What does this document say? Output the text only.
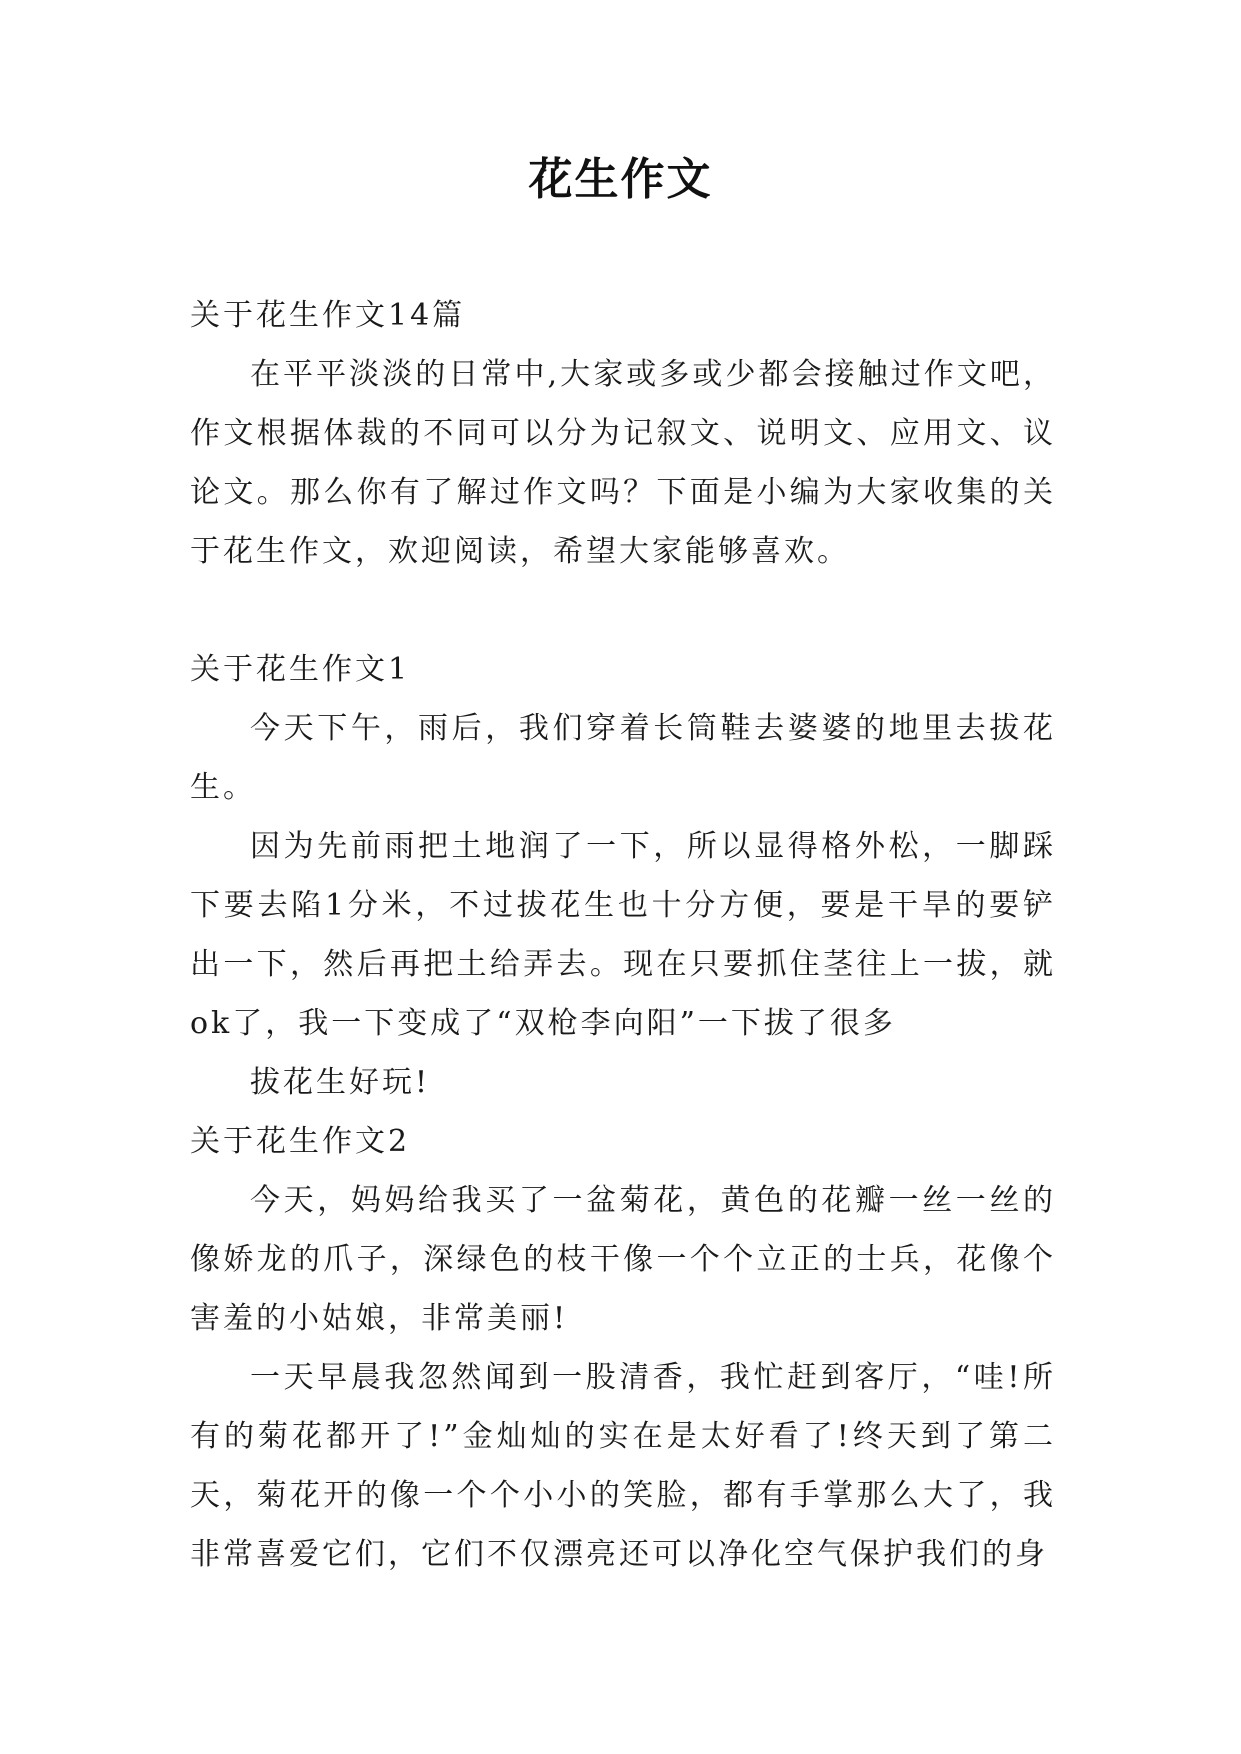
花生作文

关于花生作文14篇

在平平淡淡的日常中,大家或多或少都会接触过作文吧，作文根据体裁的不同可以分为记叙文、说明文、应用文、议论文。那么你有了解过作文吗？下面是小编为大家收集的关于花生作文，欢迎阅读，希望大家能够喜欢。

关于花生作文1

今天下午，雨后，我们穿着长筒鞋去婆婆的地里去拔花生。

因为先前雨把土地润了一下，所以显得格外松，一脚踩下要去陷1分米，不过拔花生也十分方便，要是干旱的要铲出一下，然后再把土给弄去。现在只要抓住茎往上一拔，就ok了，我一下变成了“双枪李向阳”一下拔了很多

拔花生好玩!

关于花生作文2

今天，妈妈给我买了一盆菊花，黄色的花瓣一丝一丝的像娇龙的爪子，深绿色的枝干像一个个立正的士兵，花像个害羞的小姑娘，非常美丽!

一天早晨我忽然闻到一股清香，我忙赶到客厅，“哇!所有的菊花都开了!”金灿灿的实在是太好看了!终天到了第二天，菊花开的像一个个小小的笑脸，都有手掌那么大了，我非常喜爱它们，它们不仅漂亮还可以净化空气保护我们的身
